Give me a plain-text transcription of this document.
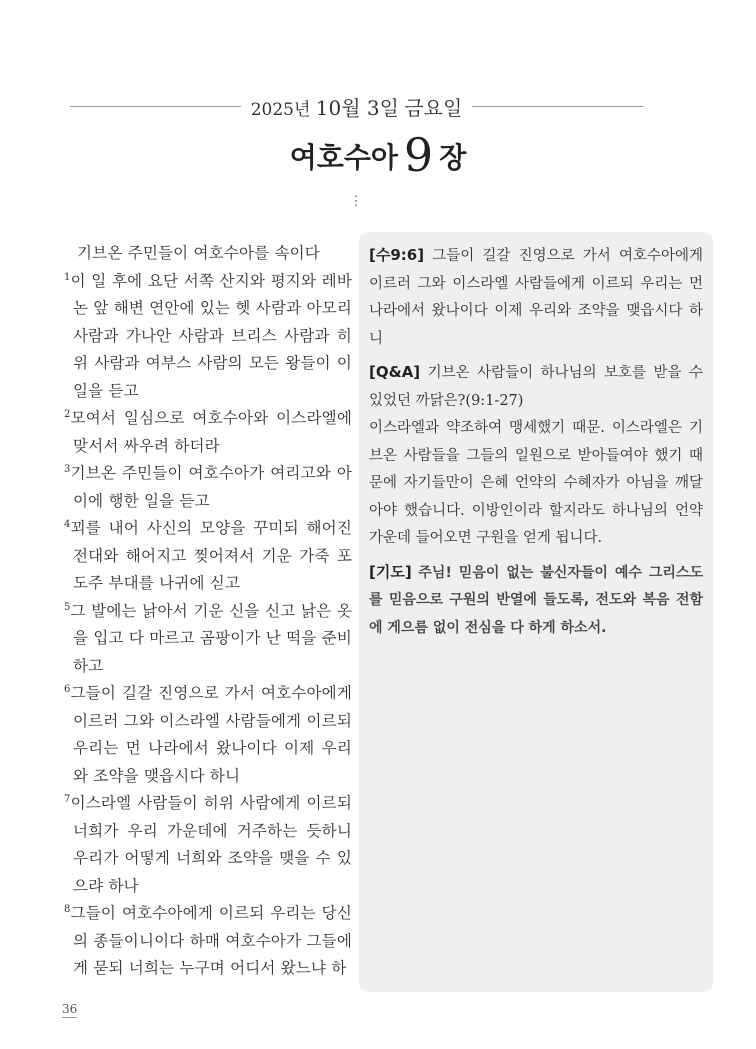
2025년 10월 3일 금요일
여호수아 9 장
⋮
기브온 주민들이 여호수아를 속이다
$^1$이 일 후에 요단 서쪽 산지와 평지와 레바논 앞 해변 연안에 있는 헷 사람과 아모리 사람과 가나안 사람과 브리스 사람과 히위 사람과 여부스 사람의 모든 왕들이 이 일을 듣고
$^2$모여서 일심으로 여호수아와 이스라엘에 맞서서 싸우려 하더라
$^3$기브온 주민들이 여호수아가 여리고와 아이에 행한 일을 듣고
$^4$꾀를 내어 사신의 모양을 꾸미되 해어진 전대와 해어지고 찢어져서 기운 가죽 포도주 부대를 나귀에 싣고
$^5$그 발에는 낡아서 기운 신을 신고 낡은 옷을 입고 다 마르고 곰팡이가 난 떡을 준비하고
$^6$그들이 길갈 진영으로 가서 여호수아에게 이르러 그와 이스라엘 사람들에게 이르되 우리는 먼 나라에서 왔나이다 이제 우리와 조약을 맺읍시다 하니
$^7$이스라엘 사람들이 히위 사람에게 이르되 너희가 우리 가운데에 거주하는 듯하니 우리가 어떻게 너희와 조약을 맺을 수 있으랴 하나
$^8$그들이 여호수아에게 이르되 우리는 당신의 종들이니이다 하매 여호수아가 그들에게 묻되 너희는 누구며 어디서 왔느냐 하

[수9:6] 그들이 길갈 진영으로 가서 여호수아에게 이르러 그와 이스라엘 사람들에게 이르되 우리는 먼 나라에서 왔나이다 이제 우리와 조약을 맺읍시다 하니

[Q&A] 기브온 사람들이 하나님의 보호를 받을 수 있었던 까닭은?(9:1-27)
이스라엘과 약조하여 맹세했기 때문. 이스라엘은 기브온 사람들을 그들의 일원으로 받아들여야 했기 때문에 자기들만이 은혜 언약의 수혜자가 아님을 깨달아야 했습니다. 이방인이라 할지라도 하나님의 언약 가운데 들어오면 구원을 얻게 됩니다.

[기도] 주님! 믿음이 없는 불신자들이 예수 그리스도를 믿음으로 구원의 반열에 들도록, 전도와 복음 전함에 게으름 없이 전심을 다 하게 하소서.

36
